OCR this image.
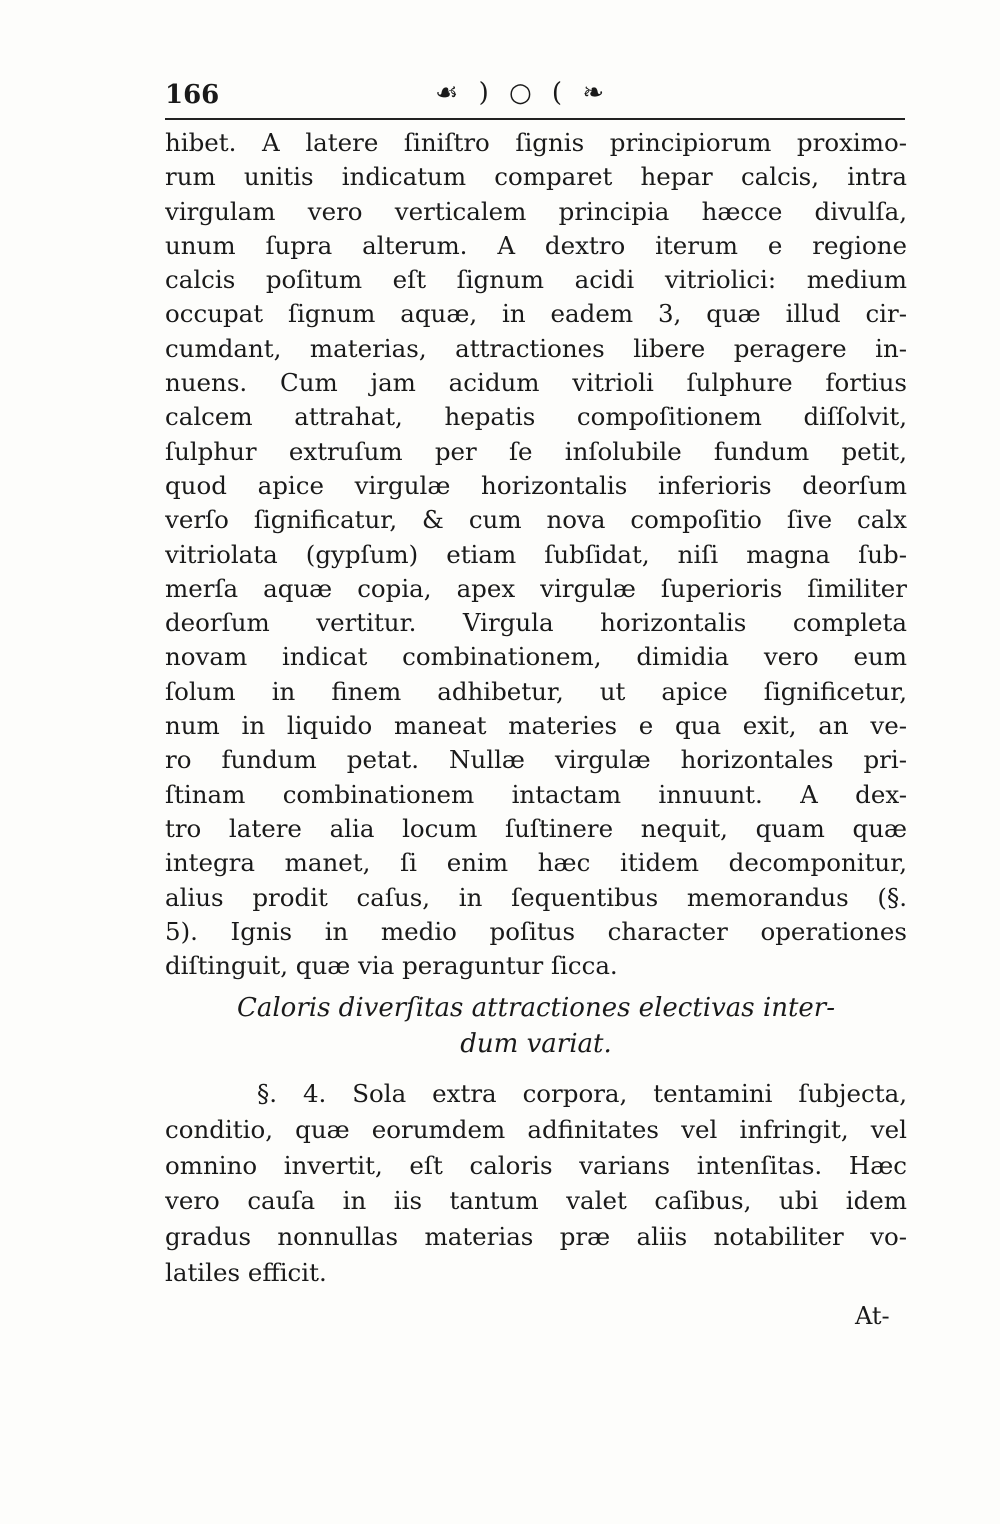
166	☙ ) ○ ( ❧
hibet. A latere ſiniſtro ſignis principiorum proximo-
rum unitis indicatum comparet hepar calcis, intra
virgulam vero verticalem principia hæcce divulſa,
unum ſupra alterum. A dextro iterum e regione
calcis poſitum eſt ſignum acidi vitriolici: medium
occupat ſignum aquæ, in eadem 3, quæ illud cir-
cumdant, materias, attractiones libere peragere in-
nuens. Cum jam acidum vitrioli ſulphure fortius
calcem attrahat, hepatis compoſitionem diſſolvit,
ſulphur extruſum per ſe inſolubile fundum petit,
quod apice virgulæ horizontalis inferioris deorſum
verſo ſignificatur, & cum nova compoſitio ſive calx
vitriolata (gypſum) etiam ſubſidat, niſi magna ſub-
merſa aquæ copia, apex virgulæ ſuperioris ſimiliter
deorſum vertitur. Virgula horizontalis completa
novam indicat combinationem, dimidia vero eum
ſolum in finem adhibetur, ut apice ſignificetur,
num in liquido maneat materies e qua exit, an ve-
ro fundum petat. Nullæ virgulæ horizontales pri-
ſtinam combinationem intactam innuunt. A dex-
tro latere alia locum ſuſtinere nequit, quam quæ
integra manet, ſi enim hæc itidem decomponitur,
alius prodit caſus, in ſequentibus memorandus (§.
5). Ignis in medio poſitus character operationes
diſtinguit, quæ via peraguntur ſicca.
Caloris diverſitas attractiones electivas inter-
dum variat.
§. 4. Sola extra corpora, tentamini ſubjecta,
conditio, quæ eorumdem adfinitates vel infringit, vel
omnino invertit, eſt caloris varians intenſitas. Hæc
vero cauſa in iis tantum valet caſibus, ubi idem
gradus nonnullas materias præ aliis notabiliter vo-
latiles efficit.
At-
